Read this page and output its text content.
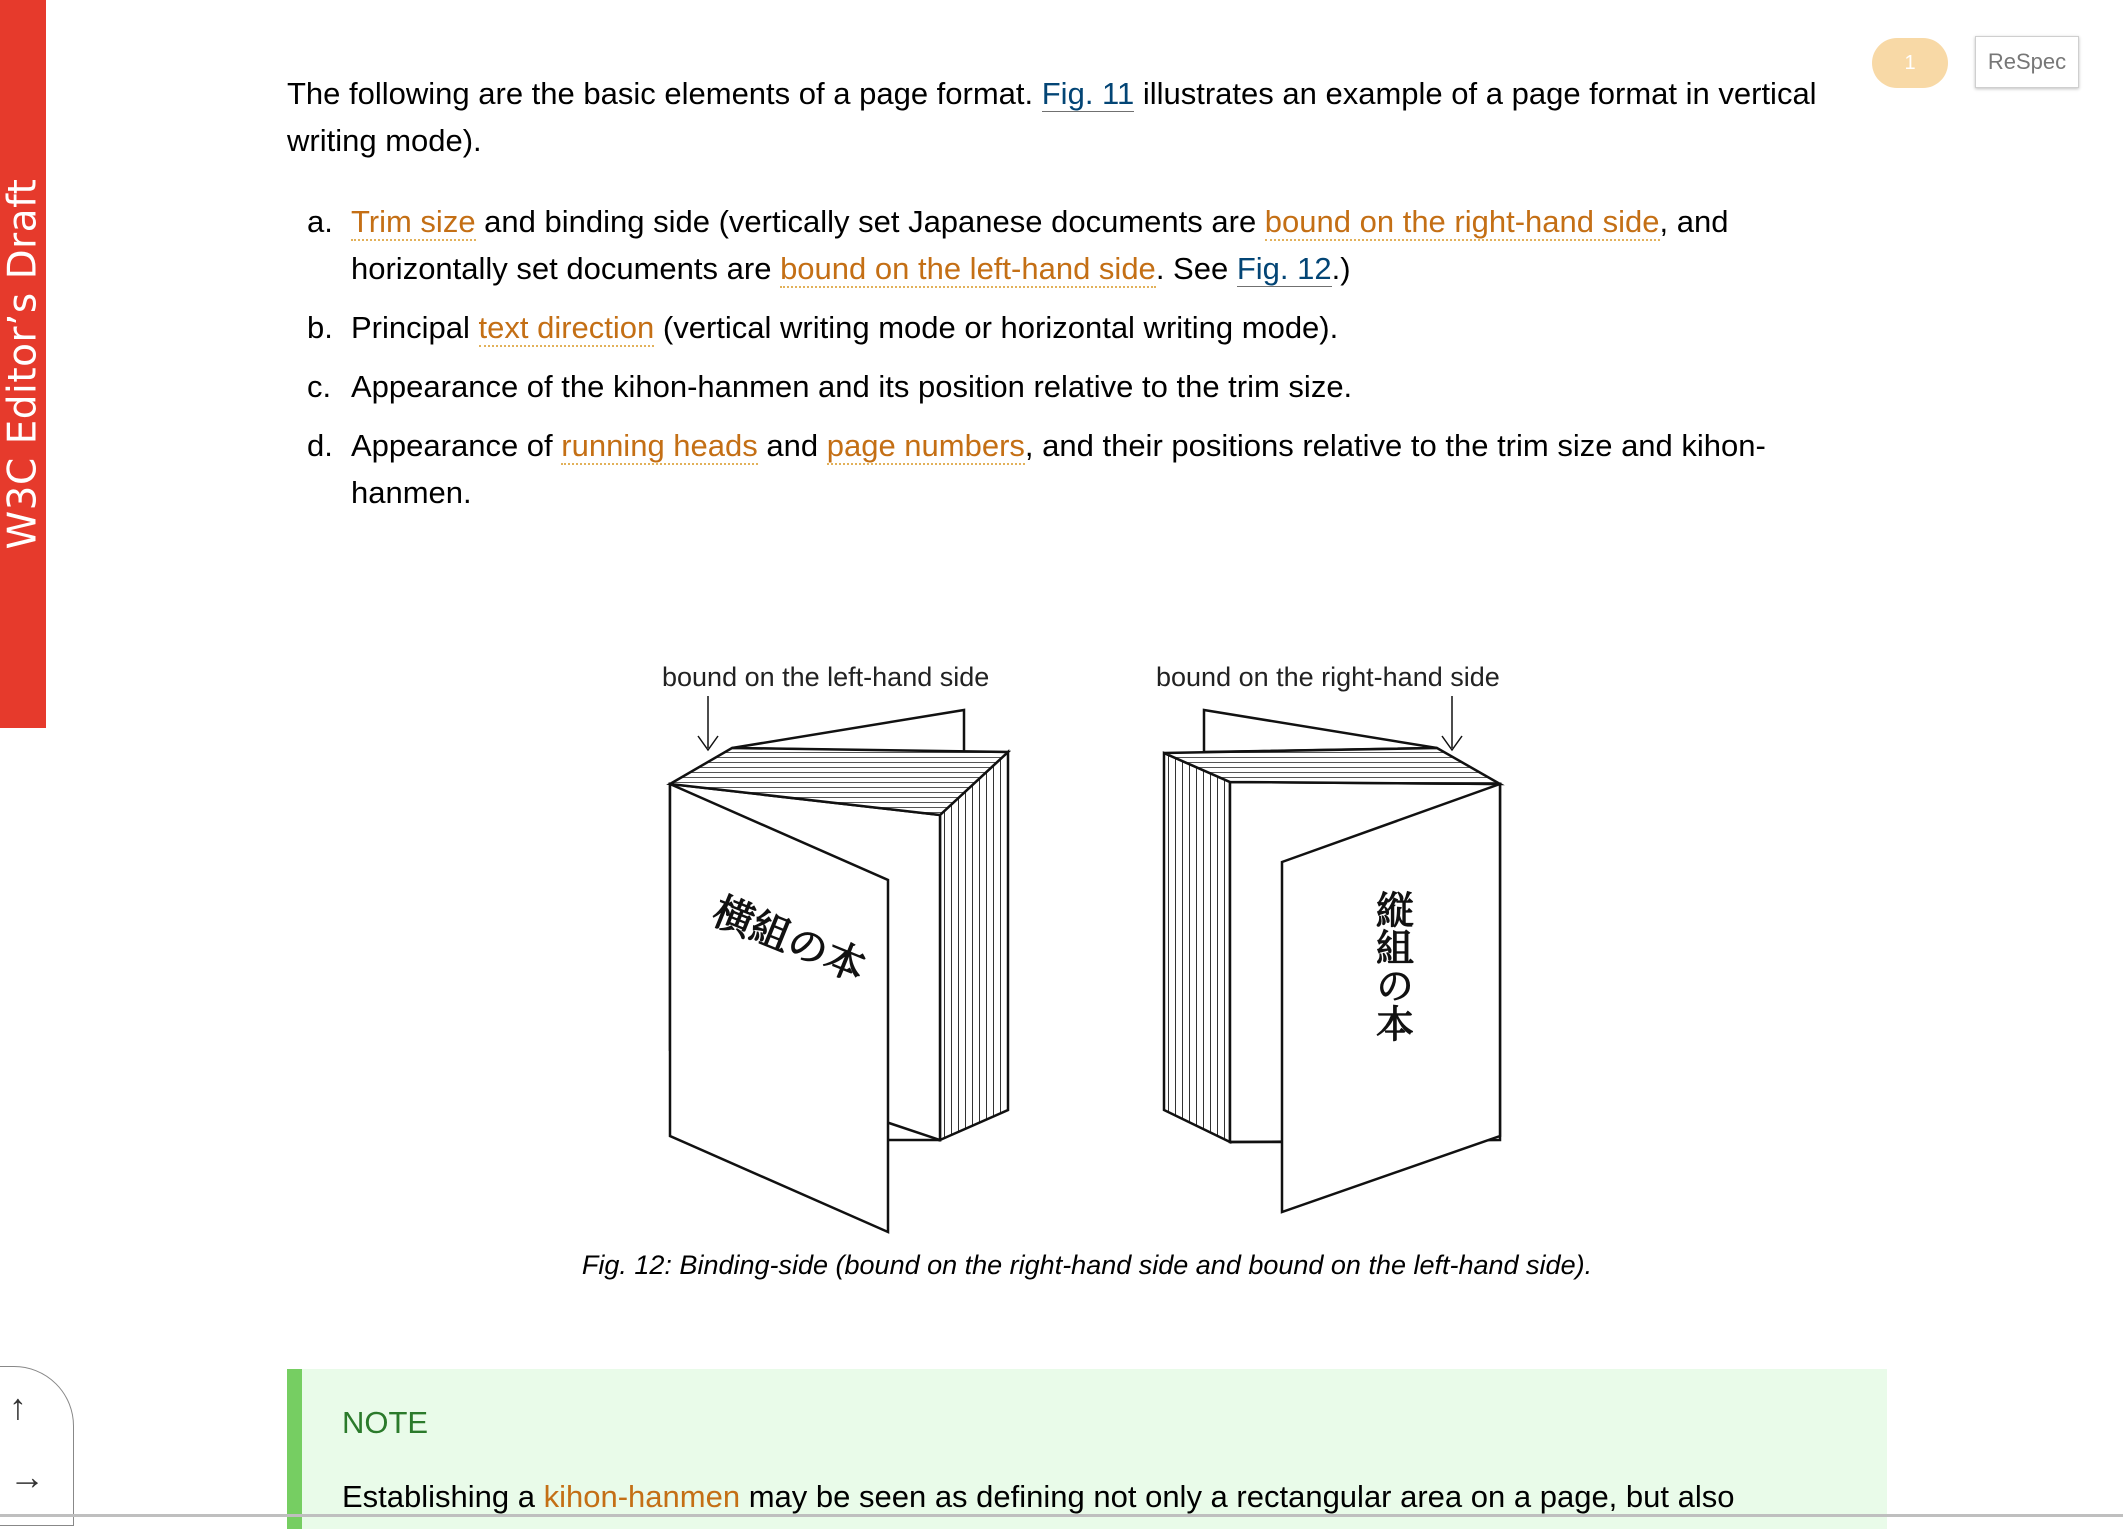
W3C Editor’s Draft
1	ReSpec

The following are the basic elements of a page format. Fig. 11 illustrates an example of a page format in vertical writing mode).

a. Trim size and binding side (vertically set Japanese documents are bound on the right-hand side, and horizontally set documents are bound on the left-hand side. See Fig. 12.)
b. Principal text direction (vertical writing mode or horizontal writing mode).
c. Appearance of the kihon-hanmen and its position relative to the trim size.
d. Appearance of running heads and page numbers, and their positions relative to the trim size and kihon-hanmen.
bound on the left-hand side	bound on the right-hand side
横組の本	縦組の本
Fig. 12: Binding-side (bound on the right-hand side and bound on the left-hand side).
NOTE
Establishing a kihon-hanmen may be seen as defining not only a rectangular area on a page, but also
↑
→
